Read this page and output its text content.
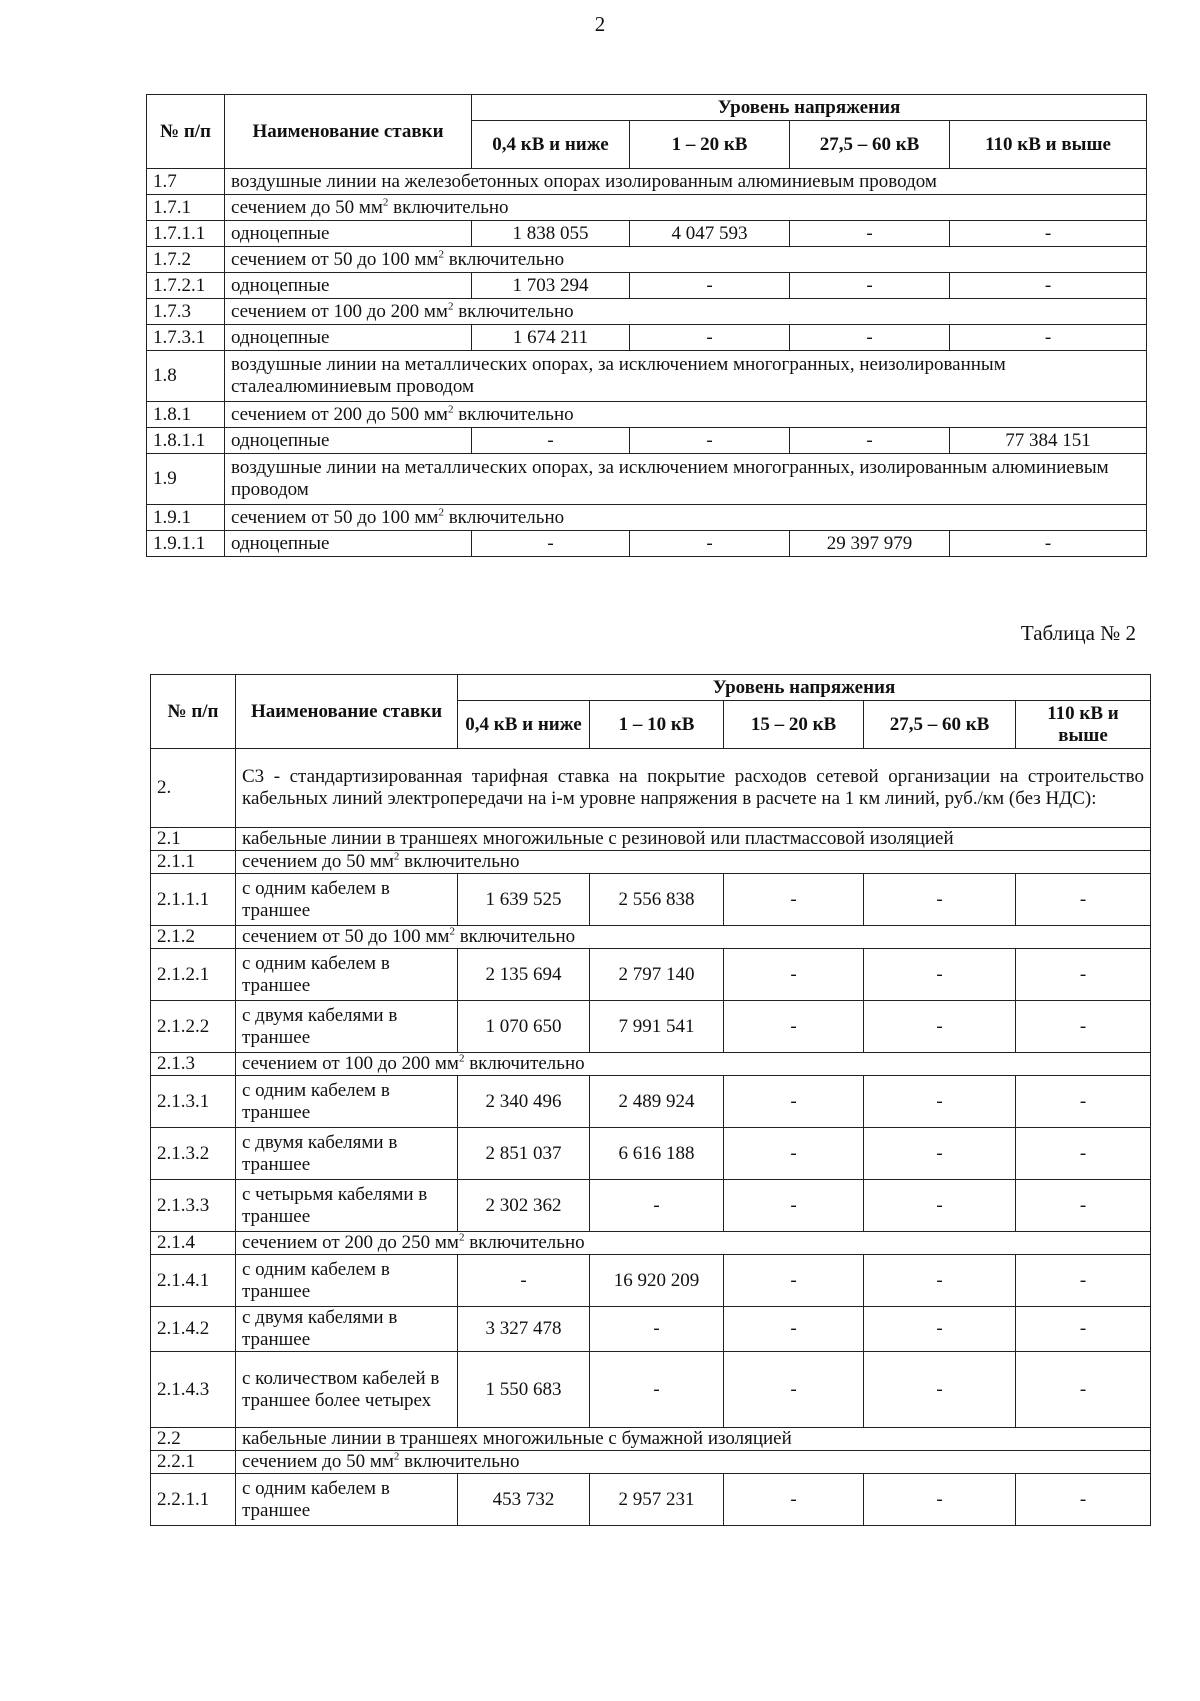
2
№ п/п	Наименование ставки	Уровень напряжения			
		0,4 кВ и ниже	1 – 20 кВ	27,5 – 60 кВ	110 кВ и выше
1.7	воздушные линии на железобетонных опорах изолированным алюминиевым проводом				
1.7.1	сечением до 50 $мм^2$ включительно				
1.7.1.1	одноцепные	1 838 055	4 047 593	-	-
1.7.2	сечением от 50 до 100 $мм^2$ включительно				
1.7.2.1	одноцепные	1 703 294	-	-	-
1.7.3	сечением от 100 до 200 $мм^2$ включительно				
1.7.3.1	одноцепные	1 674 211	-	-	-
1.8	воздушные линии на металлических опорах, за исключением многогранных, неизолированным сталеалюминиевым проводом				
1.8.1	сечением от 200 до 500 $мм^2$ включительно				
1.8.1.1	одноцепные	-	-	-	77 384 151
1.9	воздушные линии на металлических опорах, за исключением многогранных, изолированным алюминиевым проводом				
1.9.1	сечением от 50 до 100 $мм^2$ включительно				
1.9.1.1	одноцепные	-	-	29 397 979	-
Таблица № 2
№ п/п	Наименование ставки	Уровень напряжения				
		0,4 кВ и ниже	1 – 10 кВ	15 – 20 кВ	27,5 – 60 кВ	110 кВ и выше
2.	С3 - стандартизированная тарифная ставка на покрытие расходов сетевой организации на строительство кабельных линий электропередачи на i-м уровне напряжения в расчете на 1 км линий, руб./км (без НДС):					
2.1	кабельные линии в траншеях многожильные с резиновой или пластмассовой изоляцией					
2.1.1	сечением до 50 $мм^2$ включительно					
2.1.1.1	с одним кабелем в траншее	1 639 525	2 556 838	-	-	-
2.1.2	сечением от 50 до 100 $мм^2$ включительно					
2.1.2.1	с одним кабелем в траншее	2 135 694	2 797 140	-	-	-
2.1.2.2	с двумя кабелями в траншее	1 070 650	7 991 541	-	-	-
2.1.3	сечением от 100 до 200 $мм^2$ включительно					
2.1.3.1	с одним кабелем в траншее	2 340 496	2 489 924	-	-	-
2.1.3.2	с двумя кабелями в траншее	2 851 037	6 616 188	-	-	-
2.1.3.3	с четырьмя кабелями в траншее	2 302 362	-	-	-	-
2.1.4	сечением от 200 до 250 $мм^2$ включительно					
2.1.4.1	с одним кабелем в траншее	-	16 920 209	-	-	-
2.1.4.2	с двумя кабелями в траншее	3 327 478	-	-	-	-
2.1.4.3	с количеством кабелей в траншее более четырех	1 550 683	-	-	-	-
2.2	кабельные линии в траншеях многожильные с бумажной изоляцией					
2.2.1	сечением до 50 $мм^2$ включительно					
2.2.1.1	с одним кабелем в траншее	453 732	2 957 231	-	-	-
